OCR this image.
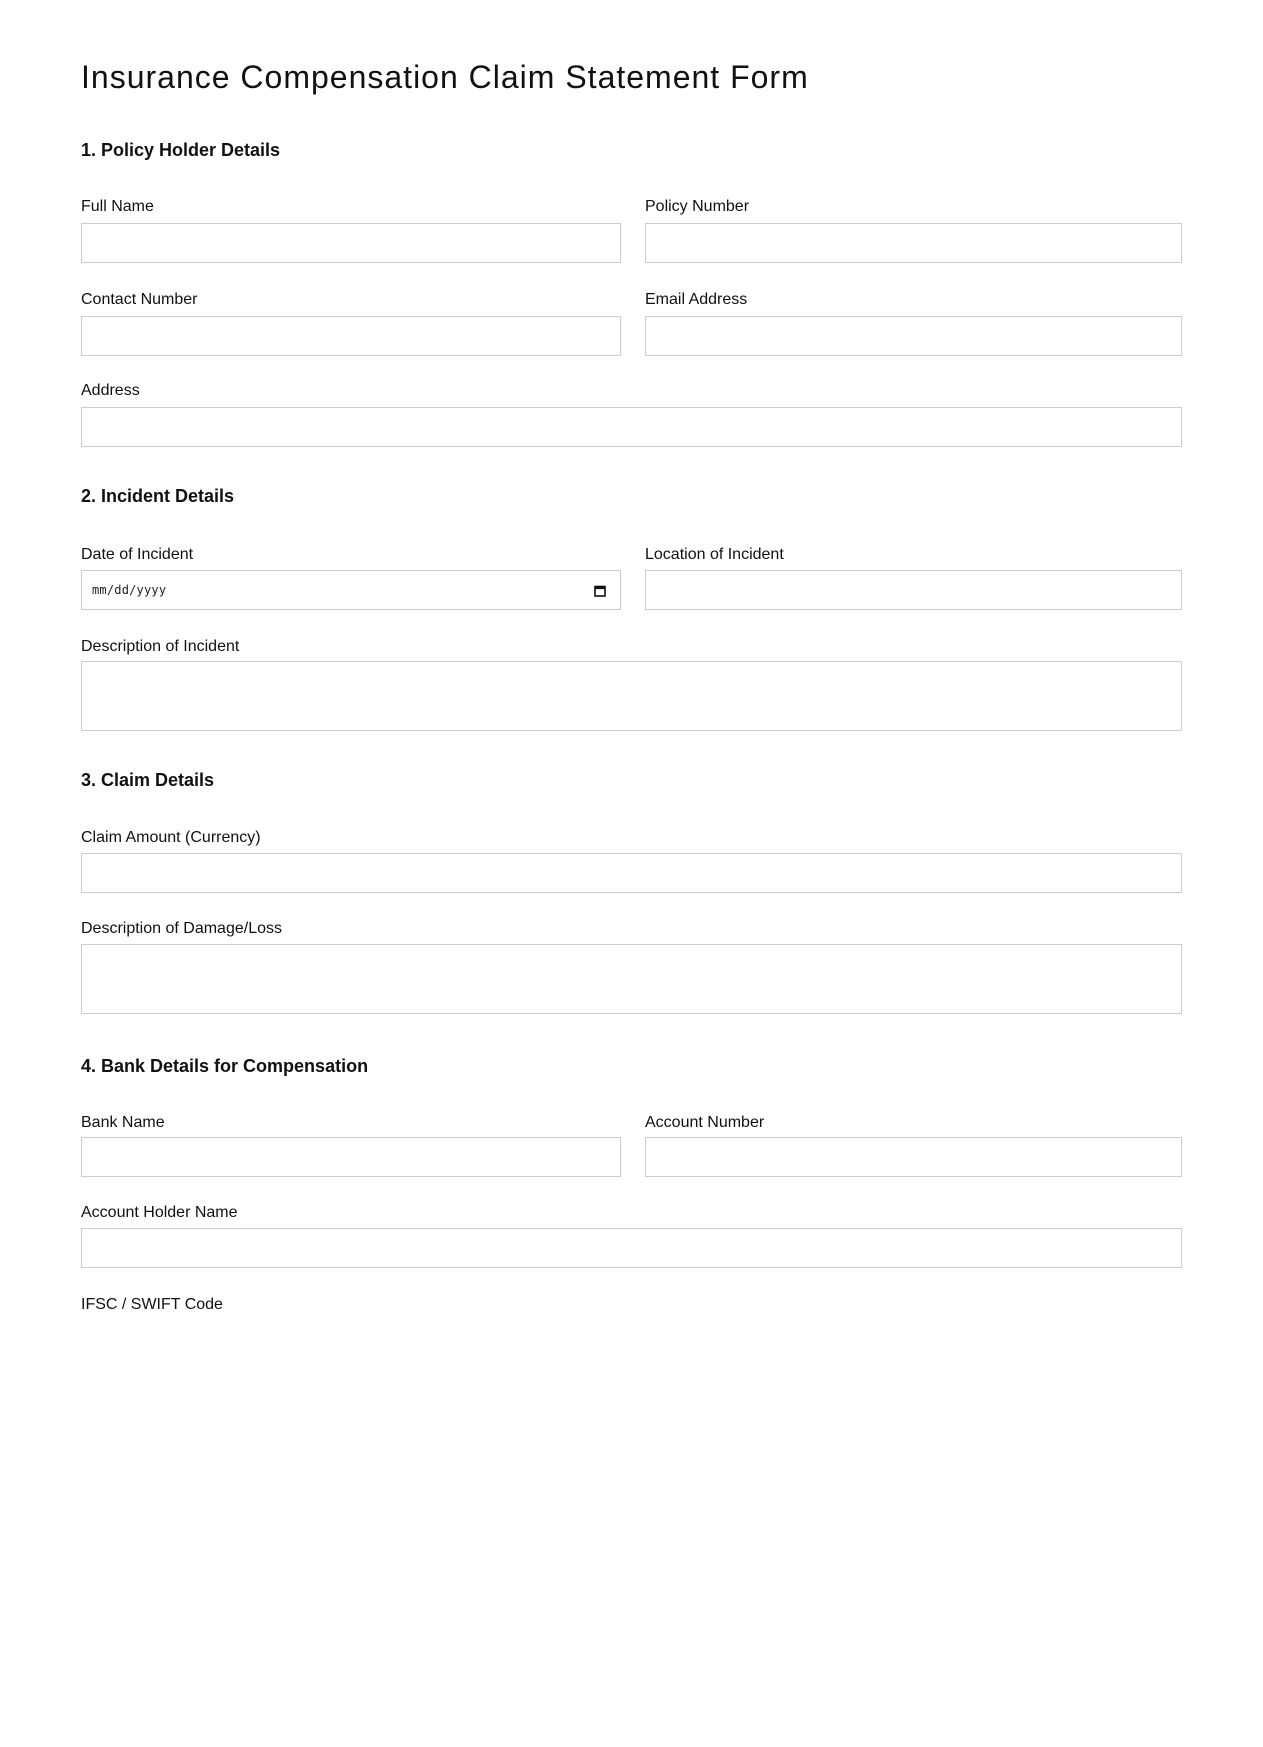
Insurance Compensation Claim Statement Form
1. Policy Holder Details
Full Name	Policy Number
Contact Number	Email Address
Address
2. Incident Details
Date of Incident
mm/dd/yyyy
Location of Incident
Description of Incident
3. Claim Details
Claim Amount (Currency)
Description of Damage/Loss
4. Bank Details for Compensation
Bank Name	Account Number
Account Holder Name
IFSC / SWIFT Code
